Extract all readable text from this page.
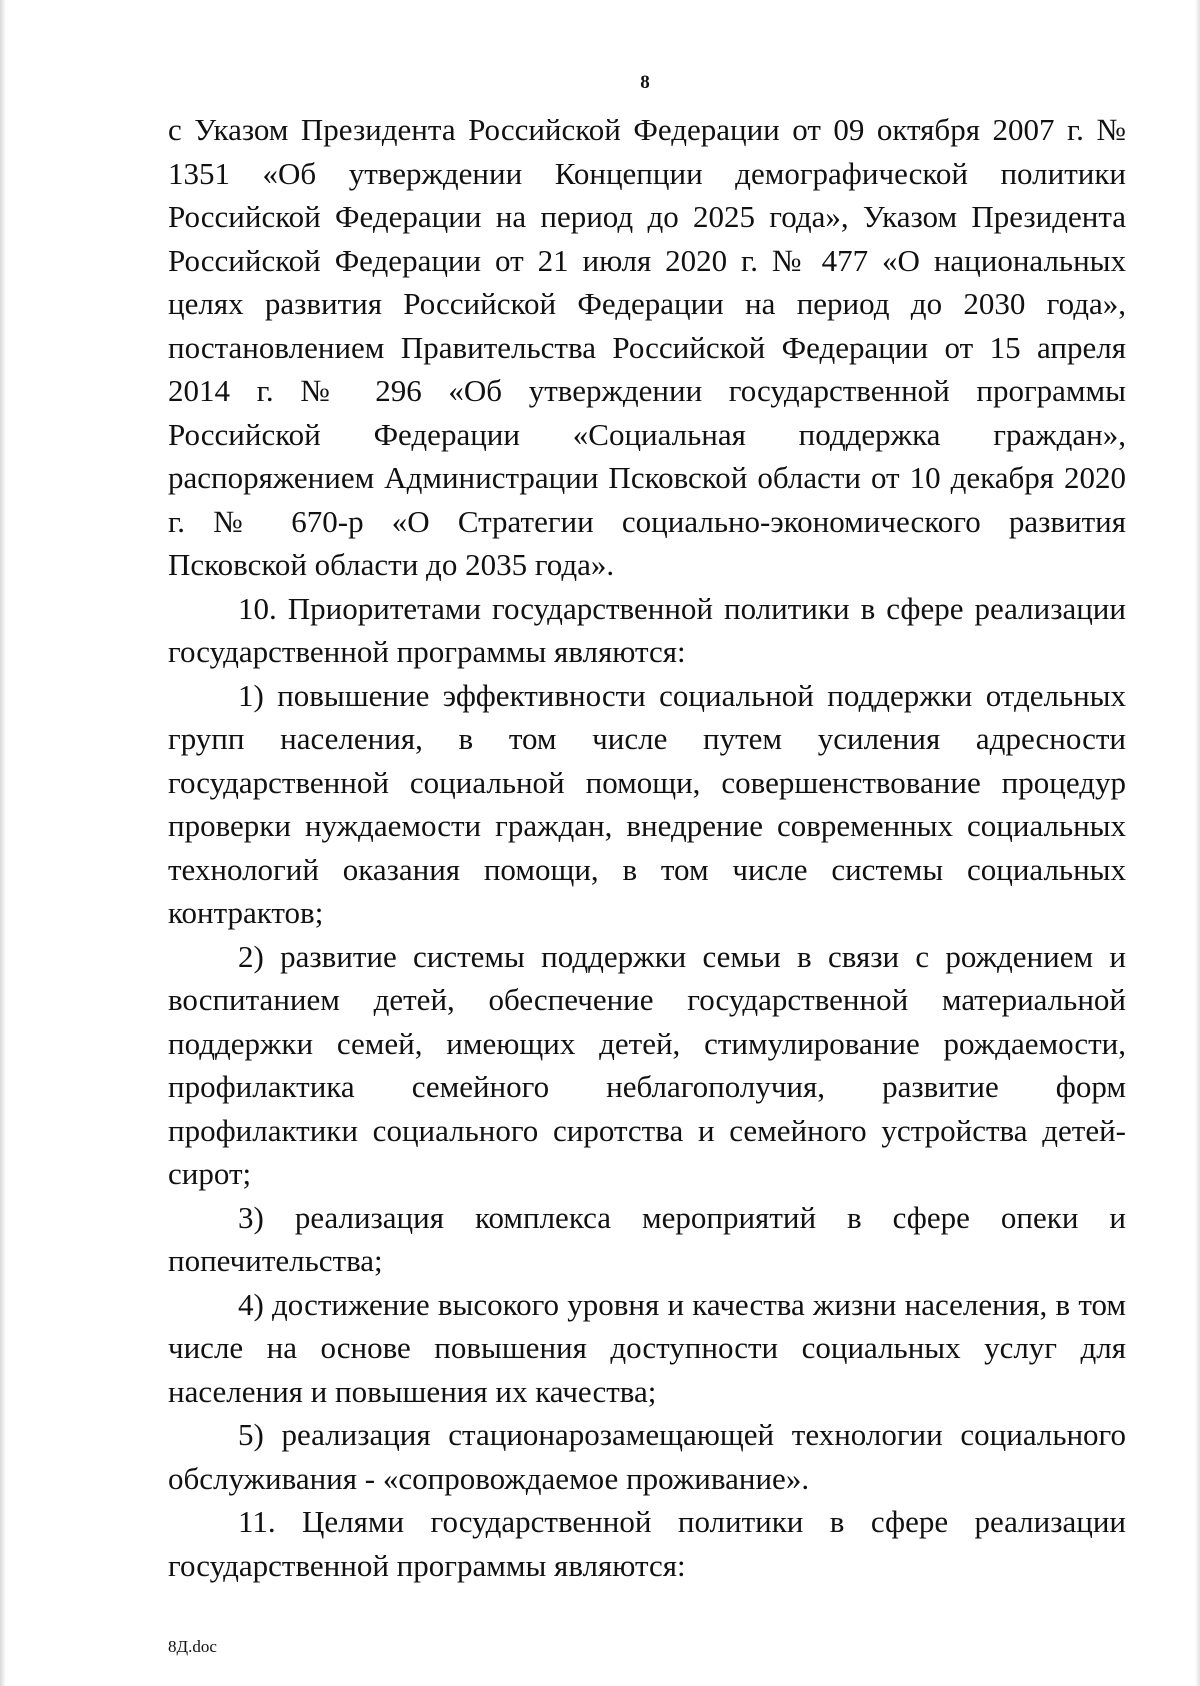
8

с Указом Президента Российской Федерации от 09 октября 2007 г. № 1351 «Об утверждении Концепции демографической политики Российской Федерации на период до 2025 года», Указом Президента Российской Федерации от 21 июля 2020 г. № 477 «О национальных целях развития Российской Федерации на период до 2030 года», постановлением Правительства Российской Федерации от 15 апреля 2014 г. № 296 «Об утверждении государственной программы Российской Федерации «Социальная поддержка граждан», распоряжением Администрации Псковской области от 10 декабря 2020 г. № 670-р «О Стратегии социально-экономического развития Псковской области до 2035 года».

10. Приоритетами государственной политики в сфере реализации государственной программы являются:

1) повышение эффективности социальной поддержки отдельных групп населения, в том числе путем усиления адресности государственной социальной помощи, совершенствование процедур проверки нуждаемости граждан, внедрение современных социальных технологий оказания помощи, в том числе системы социальных контрактов;

2) развитие системы поддержки семьи в связи с рождением и воспитанием детей, обеспечение государственной материальной поддержки семей, имеющих детей, стимулирование рождаемости, профилактика семейного неблагополучия, развитие форм профилактики социального сиротства и семейного устройства детей-сирот;

3) реализация комплекса мероприятий в сфере опеки и попечительства;

4) достижение высокого уровня и качества жизни населения, в том числе на основе повышения доступности социальных услуг для населения и повышения их качества;

5) реализация стационарозамещающей технологии социального обслуживания - «сопровождаемое проживание».

11. Целями государственной политики в сфере реализации государственной программы являются:

8Д.doc
